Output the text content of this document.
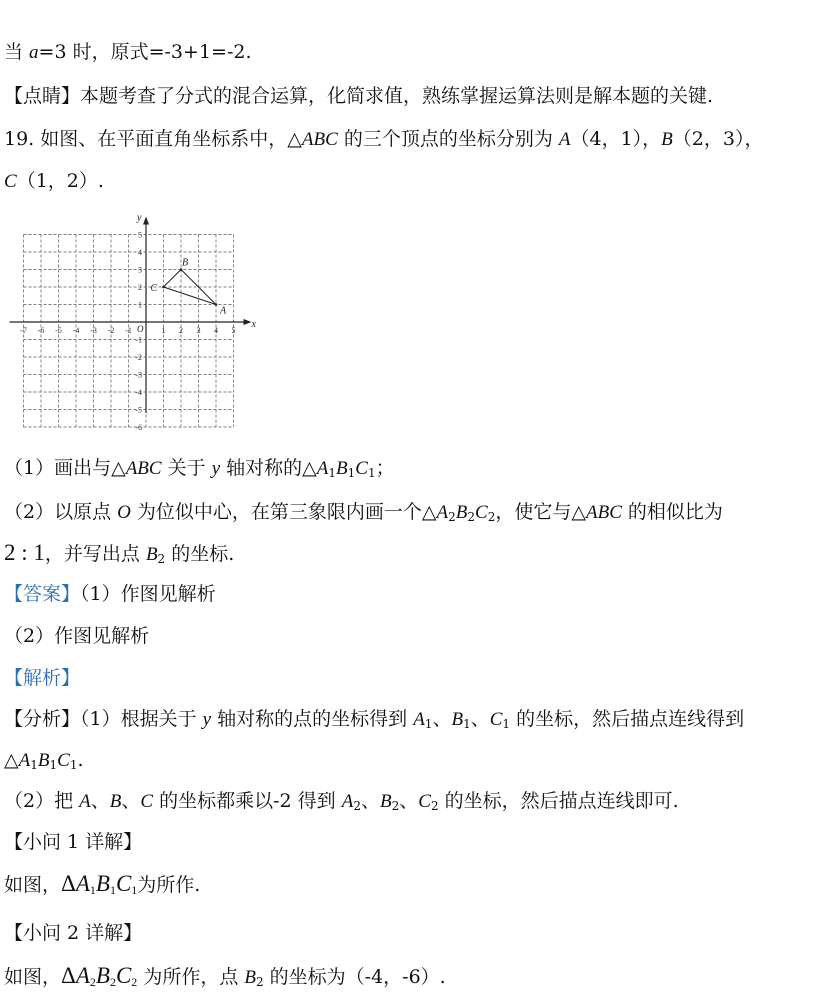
当 a=3 时，原式=-3+1=-2.
【点睛】本题考查了分式的混合运算，化简求值，熟练掌握运算法则是解本题的关键.
19. 如图、在平面直角坐标系中，△ABC 的三个顶点的坐标分别为 A（4，1），B（2，3），
C（1，2）.
x
y
O
-7 -6 -5 -4 -3 -2 -1	1 2 3 4 5
5
4
3
2
1
-1
-2
-3
-4
-5
-6
A
B
C
（1）画出与△ABC 关于 y 轴对称的$\triangle A_1B_1C_1$；
（2）以原点 O 为位似中心，在第三象限内画一个$\triangle A_2B_2C_2$，使它与△ABC 的相似比为
2 : 1，并写出点 $B_2$ 的坐标.
【答案】（1）作图见解析
（2）作图见解析
【解析】
【分析】（1）根据关于 y 轴对称的点的坐标得到 $A_1$、$B_1$、$C_1$ 的坐标，然后描点连线得到
$\triangle A_1B_1C_1$.
（2）把 A、B、C 的坐标都乘以-2 得到 $A_2$、$B_2$、$C_2$ 的坐标，然后描点连线即可.
【小问 1 详解】
如图，$\Delta A_1B_1C_1$为所作.
【小问 2 详解】
如图，$\Delta A_2B_2C_2$ 为所作，点 $B_2$ 的坐标为（-4，-6）.
